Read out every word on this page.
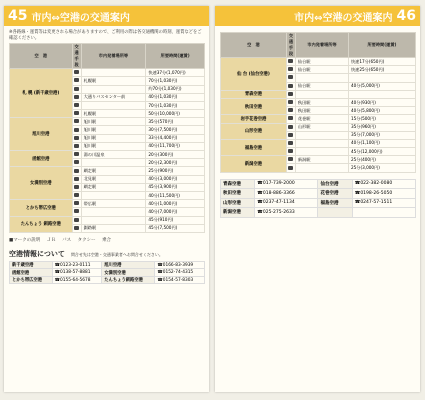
45 市内⇔空港の交通案内
※各路線・運賃等は変更される場合がありますので、ご利用の際は各交通機関の時刻、運賃などをご確認ください。
空　港	交通手段	市内発着場所等	所要時間(運賃)
札 幌 (新千歳空港)			快速37分(1,070円)
		札幌駅	70分(1,030円)
			約70分(1,030円)
		大通りバスセンター前	40分(1,030円)
			70分(1,030円)
		札幌駅	50分(10,000円)
旭川空港		旭川駅	35分(570円)
		旭川駅	30分(7,500円)
		旭川駅	33分(4,400円)
		旭川駅	40分(11,700円)
函館空港		湯の川温泉	20分(300円)
			20分(2,300円)
女満別空港		網走駅	25分(900円)
		北見駅	40分(3,000円)
		網走駅	45分(3,900円)
			40分(11,500円)
とかち帯広空港		帯広駅	40分(1,000円)
			40分(7,000円)
たんちょう 釧路空港			45分(910円)
		釧路駅	45分(7,500円)
■マークの説明 ＪＲ バス タクシー 乗合
空港情報について 問合せ先は空港・交通事業者へお問合せください。
新千歳空港	☎0123-23-0111	旭川空港	☎0166-83-3939
函館空港	☎0138-57-8881	女満別空港	☎0152-74-4315
とかち帯広空港	☎0155-64-5678	たんちょう釧路空港	☎0154-57-8303
市内⇔空港の交通案内 46
空　港	交通手段	市内発着場所等	所要時間(運賃)
仙 台 (仙台空港)		仙台駅	快速17分(650円)
		仙台駅	快速25分(650円)

		仙台駅	40分(5,000円)
青森空港			
秋田空港		秋田駅	40分(930円)
		秋田駅	40分(5,800円)
岩手花巻空港		花巻駅	15分(500円)
山形空港		山形駅	35分(960円)
			35分(7,000円)
福島空港			40分(1,100円)
			45分(12,000円)
新潟空港		新潟駅	25分(400円)
			25分(3,000円)
青森空港	☎017-739-2000	仙台空港	☎022-382-0080
秋田空港	☎018-886-3366	花巻空港	☎0198-26-5050
山形空港	☎0237-47-1134	福島空港	☎0247-57-1511
新潟空港	☎025-275-2633		
